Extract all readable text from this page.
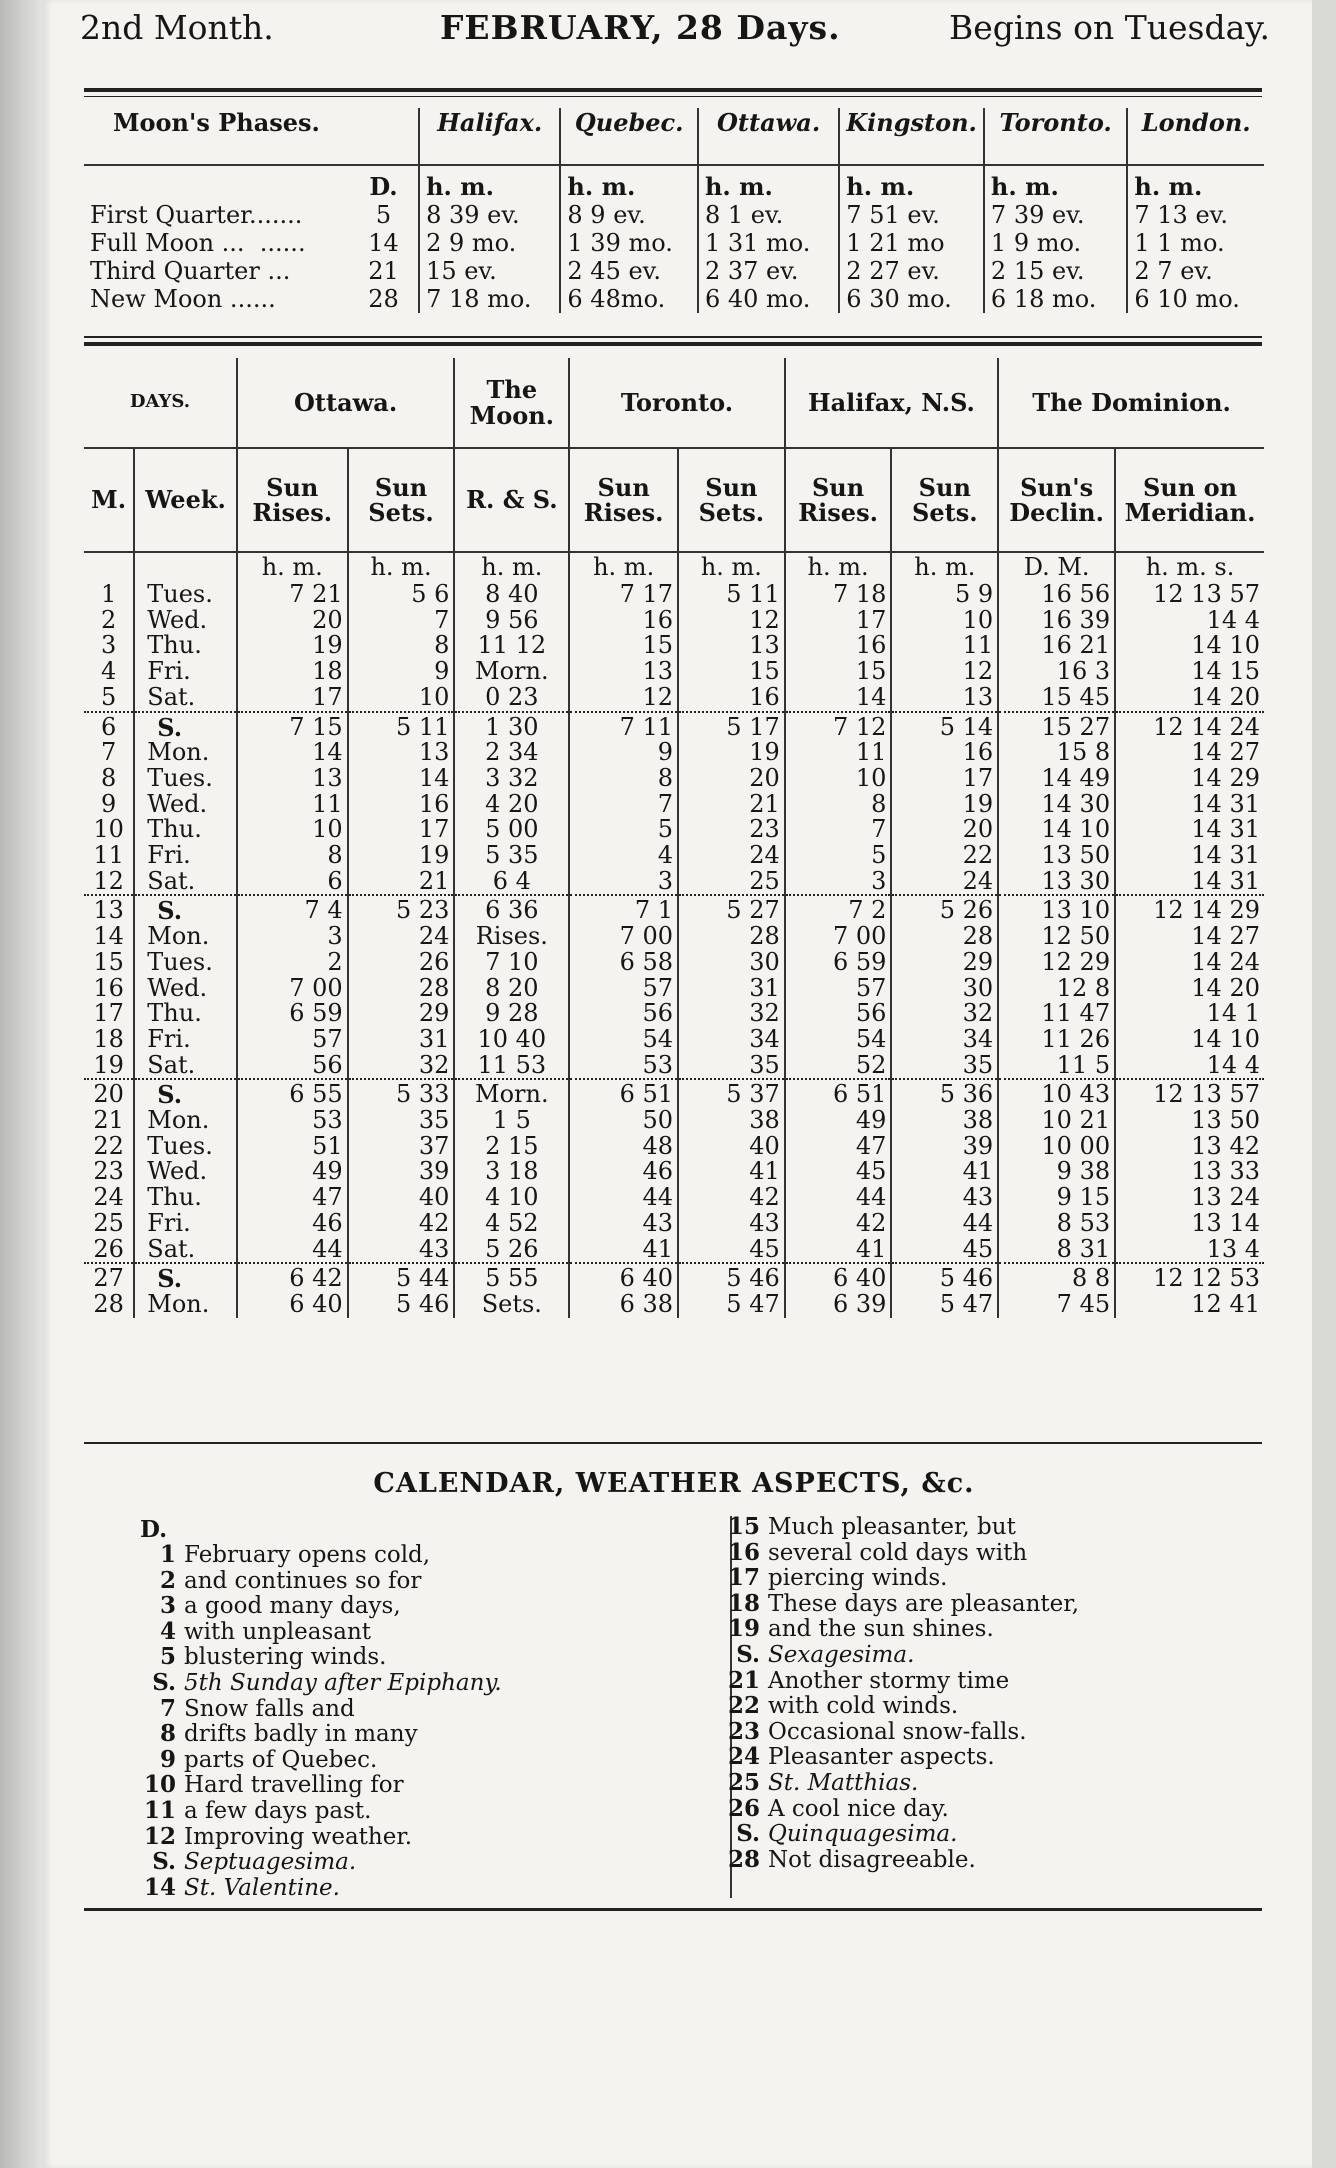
2nd Month.	FEBRUARY, 28 Days.	Begins on Tuesday.
Moon's Phases.		Halifax.	Quebec.	Ottawa.	Kingston.	Toronto.	London.
	D.	h. m.	h. m.	h. m.	h. m.	h. m.	h. m.
First Quarter.......	5	8 39 ev.	8 9 ev.	8 1 ev.	7 51 ev.	7 39 ev.	7 13 ev.
Full Moon ...  ......	14	2 9 mo.	1 39 mo.	1 31 mo.	1 21 mo	1 9 mo.	1 1 mo.
Third Quarter ...	21	15 ev.	2 45 ev.	2 37 ev.	2 27 ev.	2 15 ev.	2 7 ev.
New Moon ......	28	7 18 mo.	6 48mo.	6 40 mo.	6 30 mo.	6 18 mo.	6 10 mo.
DAYS.		Ottawa.		The Moon.	Toronto.		Halifax, N.S.		The Dominion.	
M.	Week.	Sun Rises.	Sun Sets.	R. & S.	Sun Rises.	Sun Sets.	Sun Rises.	Sun Sets.	Sun's Declin.	Sun on Meridian.
		h. m.	h. m.	h. m.	h. m.	h. m.	h. m.	h. m.	D. M.	h. m. s.
1	Tues.	7 21	5 6	8 40	7 17	5 11	7 18	5 9	16 56	12 13 57
2	Wed.	20	7	9 56	16	12	17	10	16 39	14 4
3	Thu.	19	8	11 12	15	13	16	11	16 21	14 10
4	Fri.	18	9	Morn.	13	15	15	12	16 3	14 15
5	Sat.	17	10	0 23	12	16	14	13	15 45	14 20
6	S.	7 15	5 11	1 30	7 11	5 17	7 12	5 14	15 27	12 14 24
7	Mon.	14	13	2 34	9	19	11	16	15 8	14 27
8	Tues.	13	14	3 32	8	20	10	17	14 49	14 29
9	Wed.	11	16	4 20	7	21	8	19	14 30	14 31
10	Thu.	10	17	5 00	5	23	7	20	14 10	14 31
11	Fri.	8	19	5 35	4	24	5	22	13 50	14 31
12	Sat.	6	21	6 4	3	25	3	24	13 30	14 31
13	S.	7 4	5 23	6 36	7 1	5 27	7 2	5 26	13 10	12 14 29
14	Mon.	3	24	Rises.	7 00	28	7 00	28	12 50	14 27
15	Tues.	2	26	7 10	6 58	30	6 59	29	12 29	14 24
16	Wed.	7 00	28	8 20	57	31	57	30	12 8	14 20
17	Thu.	6 59	29	9 28	56	32	56	32	11 47	14 1
18	Fri.	57	31	10 40	54	34	54	34	11 26	14 10
19	Sat.	56	32	11 53	53	35	52	35	11 5	14 4
20	S.	6 55	5 33	Morn.	6 51	5 37	6 51	5 36	10 43	12 13 57
21	Mon.	53	35	1 5	50	38	49	38	10 21	13 50
22	Tues.	51	37	2 15	48	40	47	39	10 00	13 42
23	Wed.	49	39	3 18	46	41	45	41	9 38	13 33
24	Thu.	47	40	4 10	44	42	44	43	9 15	13 24
25	Fri.	46	42	4 52	43	43	42	44	8 53	13 14
26	Sat.	44	43	5 26	41	45	41	45	8 31	13 4
27	S.	6 42	5 44	5 55	6 40	5 46	6 40	5 46	8 8	12 12 53
28	Mon.	6 40	5 46	Sets.	6 38	5 47	6 39	5 47	7 45	12 41
CALENDAR, WEATHER ASPECTS, &c.
D.
1 February opens cold,
2 and continues so for
3 a good many days,
4 with unpleasant
5 blustering winds.
S. 5th Sunday after Epiphany.
7 Snow falls and
8 drifts badly in many
9 parts of Quebec.
10 Hard travelling for
11 a few days past.
12 Improving weather.
S. Septuagesima.
14 St. Valentine.
15 Much pleasanter, but
16 several cold days with
17 piercing winds.
18 These days are pleasanter,
19 and the sun shines.
S. Sexagesima.
21 Another stormy time
22 with cold winds.
23 Occasional snow-falls.
24 Pleasanter aspects.
25 St. Matthias.
26 A cool nice day.
S. Quinquagesima.
28 Not disagreeable.
